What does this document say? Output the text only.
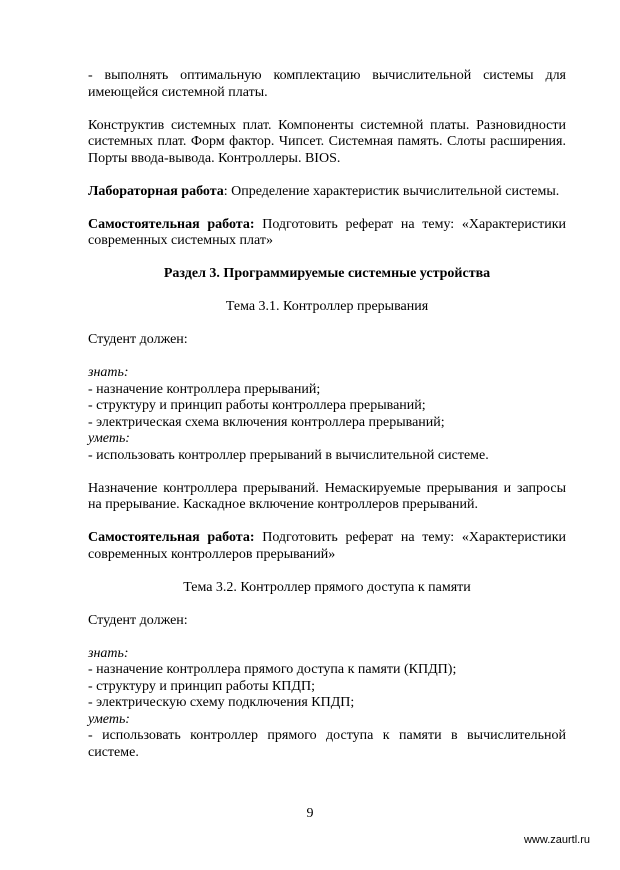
- выполнять оптимальную комплектацию вычислительной системы для имеющейся системной платы.

Конструктив системных плат. Компоненты системной платы. Разновидности системных плат. Форм фактор. Чипсет. Системная память. Слоты расширения. Порты ввода-вывода. Контроллеры. BIOS.

Лабораторная работа: Определение характеристик вычислительной системы.

Самостоятельная работа: Подготовить реферат на тему: «Характеристики современных системных плат»

Раздел 3. Программируемые системные устройства

Тема 3.1. Контроллер прерывания

Студент должен:

знать:
- назначение контроллера прерываний;
- структуру и принцип работы контроллера прерываний;
- электрическая схема включения контроллера прерываний;
уметь:
- использовать контроллер прерываний в вычислительной системе.

Назначение контроллера прерываний. Немаскируемые прерывания и запросы на прерывание. Каскадное включение контроллеров прерываний.

Самостоятельная работа: Подготовить реферат на тему: «Характеристики современных контроллеров прерываний»

Тема 3.2. Контроллер прямого доступа к памяти

Студент должен:

знать:
- назначение контроллера прямого доступа к памяти (КПДП);
- структуру и принцип работы КПДП;
- электрическую схему подключения КПДП;
уметь:
- использовать контроллер прямого доступа к памяти в вычислительной системе.
9
www.zaurtl.ru
